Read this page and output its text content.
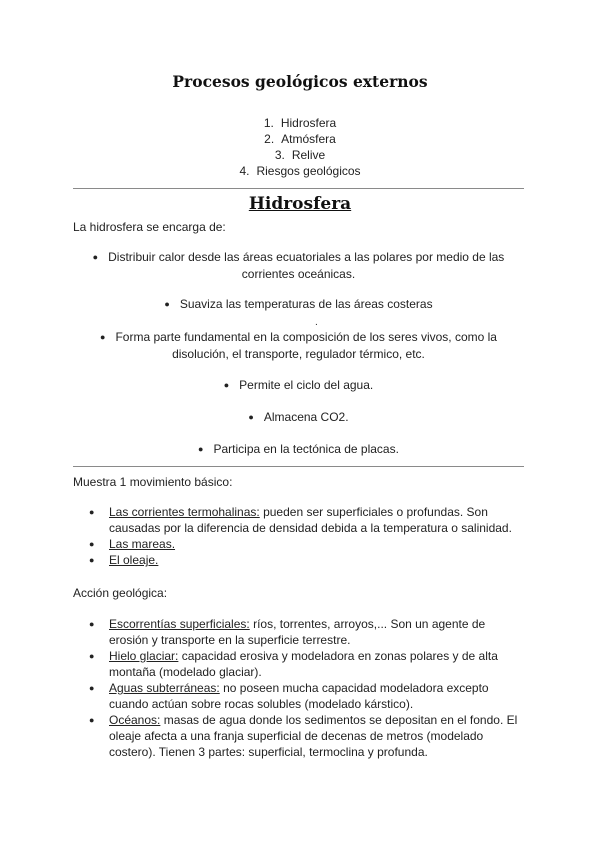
Procesos geológicos externos
1. Hidrosfera
2. Atmósfera
3. Relive
4. Riesgos geológicos
Hidrosfera
La hidrosfera se encarga de:
● Distribuir calor desde las áreas ecuatoriales a las polares por medio de las
corrientes oceánicas.
● Suaviza las temperaturas de las áreas costeras
.
● Forma parte fundamental en la composición de los seres vivos, como la
disolución, el transporte, regulador térmico, etc.
● Permite el ciclo del agua.
● Almacena CO2.
● Participa en la tectónica de placas.
Muestra 1 movimiento básico:
● Las corrientes termohalinas: pueden ser superficiales o profundas. Son causadas por la diferencia de densidad debida a la temperatura o salinidad.
● Las mareas.
● El oleaje.
Acción geológica:
● Escorrentías superficiales: ríos, torrentes, arroyos,... Son un agente de erosión y transporte en la superficie terrestre.
● Hielo glaciar: capacidad erosiva y modeladora en zonas polares y de alta montaña (modelado glaciar).
● Aguas subterráneas: no poseen mucha capacidad modeladora excepto cuando actúan sobre rocas solubles (modelado kárstico).
● Océanos: masas de agua donde los sedimentos se depositan en el fondo. El oleaje afecta a una franja superficial de decenas de metros (modelado costero). Tienen 3 partes: superficial, termoclina y profunda.
